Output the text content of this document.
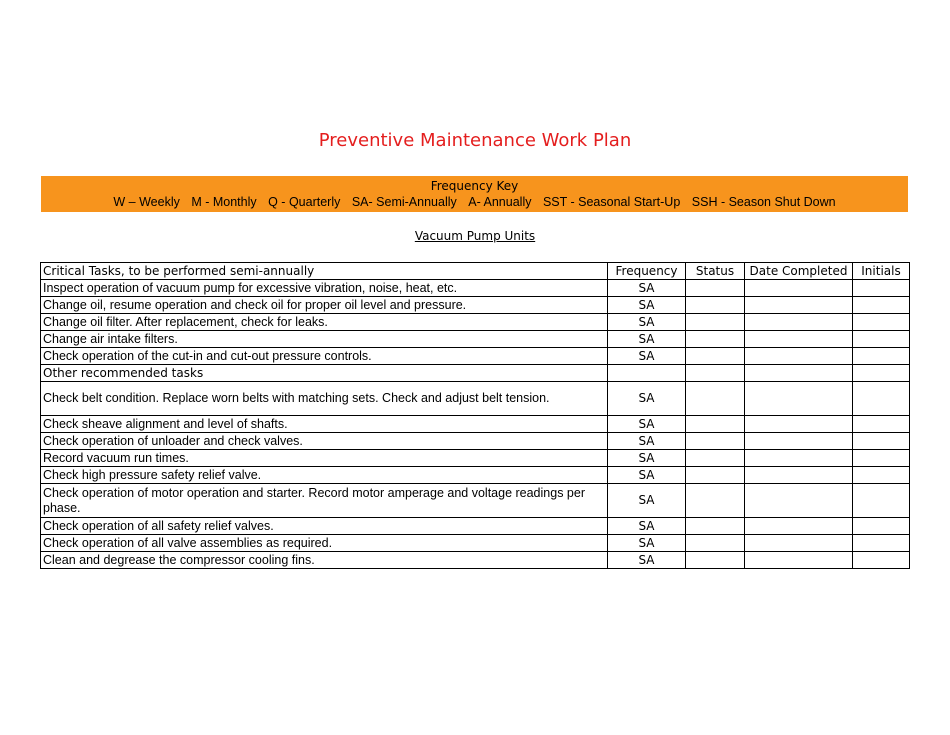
Preventive Maintenance Work Plan
Frequency Key
W – Weekly M - Monthly Q - Quarterly SA- Semi-Annually A- Annually SST - Seasonal Start-Up SSH - Season Shut Down
Vacuum Pump Units
Critical Tasks, to be performed semi-annually	Frequency	Status	Date Completed	Initials
Inspect operation of vacuum pump for excessive vibration, noise, heat, etc.	SA			
Change oil, resume operation and check oil for proper oil level and pressure.	SA			
Change oil filter. After replacement, check for leaks.	SA			
Change air intake filters.	SA			
Check operation of the cut-in and cut-out pressure controls.	SA			
Other recommended tasks				
Check belt condition. Replace worn belts with matching sets. Check and adjust belt tension.	SA			
Check sheave alignment and level of shafts.	SA			
Check operation of unloader and check valves.	SA			
Record vacuum run times.	SA			
Check high pressure safety relief valve.	SA			
Check operation of motor operation and starter. Record motor amperage and voltage readings per phase.	SA			
Check operation of all safety relief valves.	SA			
Check operation of all valve assemblies as required.	SA			
Clean and degrease the compressor cooling fins.	SA			
